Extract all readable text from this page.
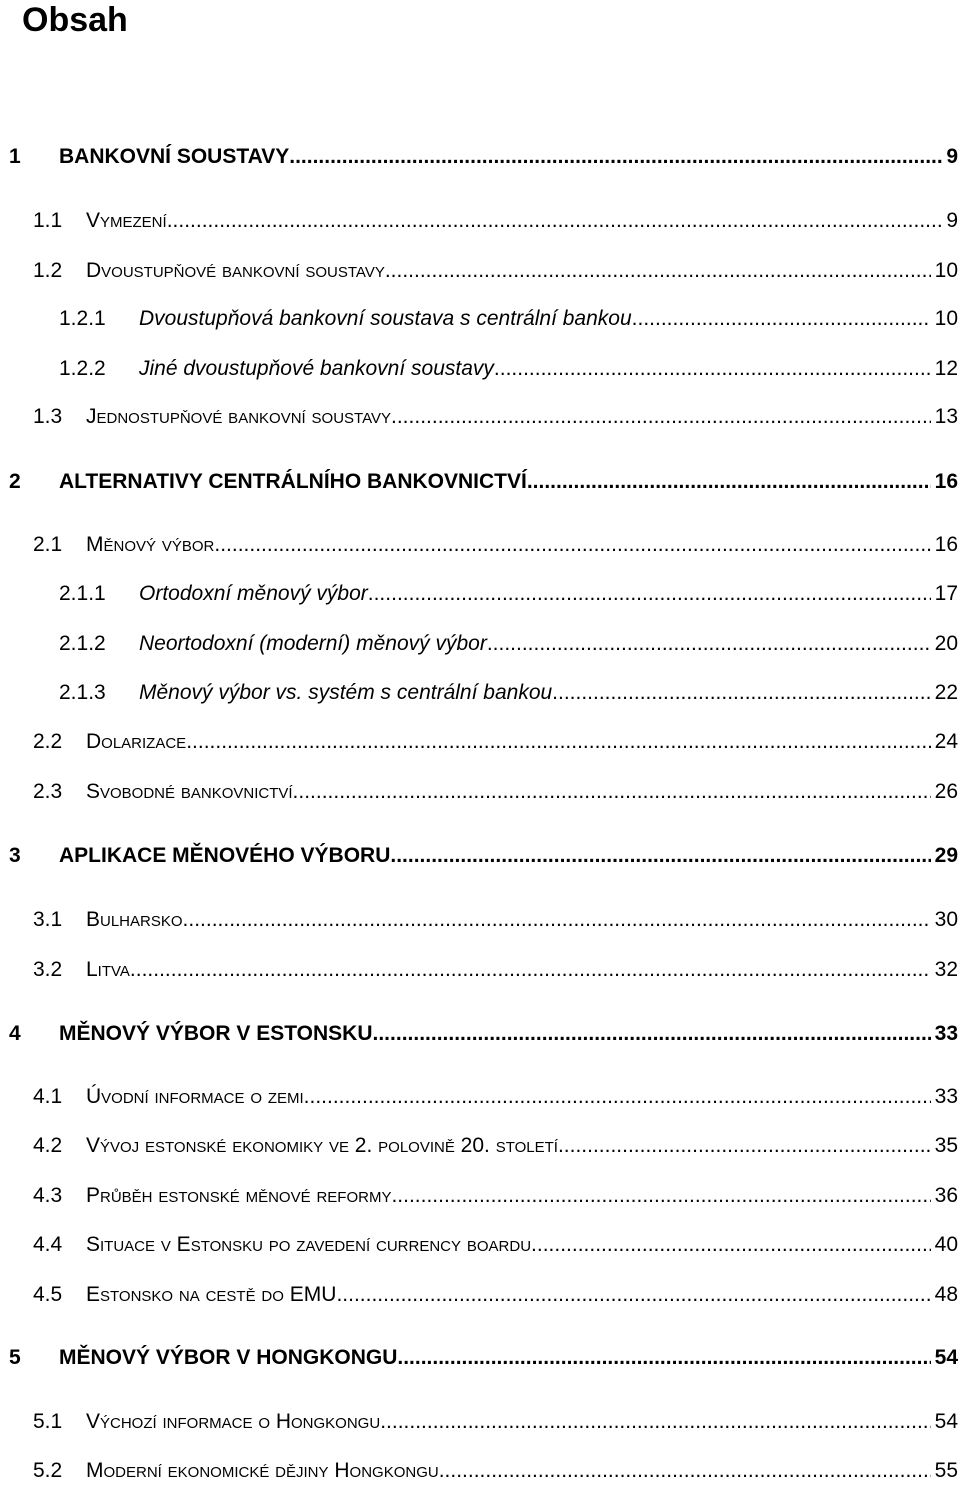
Obsah
1 BANKOVNÍ SOUSTAVY .....	9
1.1 Vymezení .....	9
1.2 Dvoustupňové bankovní soustavy .....	10
1.2.1 Dvoustupňová bankovní soustava s centrální bankou .....	10
1.2.2 Jiné dvoustupňové bankovní soustavy .....	12
1.3 Jednostupňové bankovní soustavy .....	13
2 ALTERNATIVY CENTRÁLNÍHO BANKOVNICTVÍ .....	16
2.1 Měnový výbor .....	16
2.1.1 Ortodoxní měnový výbor .....	17
2.1.2 Neortodoxní (moderní) měnový výbor .....	20
2.1.3 Měnový výbor vs. systém s centrální bankou .....	22
2.2 Dolarizace .....	24
2.3 Svobodné bankovnictví .....	26
3 APLIKACE MĚNOVÉHO VÝBORU .....	29
3.1 Bulharsko .....	30
3.2 Litva .....	32
4 MĚNOVÝ VÝBOR V ESTONSKU .....	33
4.1 Úvodní informace o zemi .....	33
4.2 Vývoj estonské ekonomiky ve 2. polovině 20. století .....	35
4.3 Průběh estonské měnové reformy .....	36
4.4 Situace v Estonsku po zavedení currency boardu .....	40
4.5 Estonsko na cestě do EMU .....	48
5 MĚNOVÝ VÝBOR V HONGKONGU .....	54
5.1 Výchozí informace o Hongkongu .....	54
5.2 Moderní ekonomické dějiny Hongkongu .....	55
